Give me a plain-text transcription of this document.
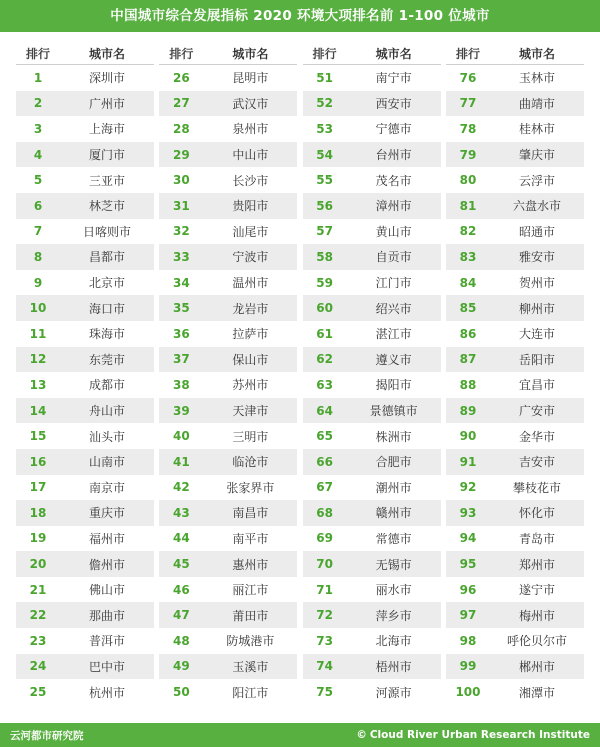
中国城市综合发展指标 2020 环境大项排名前 1-100 位城市
排行	城市名
1	深圳市
2	广州市
3	上海市
4	厦门市
5	三亚市
6	林芝市
7	日喀则市
8	昌都市
9	北京市
10	海口市
11	珠海市
12	东莞市
13	成都市
14	舟山市
15	汕头市
16	山南市
17	南京市
18	重庆市
19	福州市
20	儋州市
21	佛山市
22	那曲市
23	普洱市
24	巴中市
25	杭州市
排行	城市名
26	昆明市
27	武汉市
28	泉州市
29	中山市
30	长沙市
31	贵阳市
32	汕尾市
33	宁波市
34	温州市
35	龙岩市
36	拉萨市
37	保山市
38	苏州市
39	天津市
40	三明市
41	临沧市
42	张家界市
43	南昌市
44	南平市
45	惠州市
46	丽江市
47	莆田市
48	防城港市
49	玉溪市
50	阳江市
排行	城市名
51	南宁市
52	西安市
53	宁德市
54	台州市
55	茂名市
56	漳州市
57	黄山市
58	自贡市
59	江门市
60	绍兴市
61	湛江市
62	遵义市
63	揭阳市
64	景德镇市
65	株洲市
66	合肥市
67	潮州市
68	赣州市
69	常德市
70	无锡市
71	丽水市
72	萍乡市
73	北海市
74	梧州市
75	河源市
排行	城市名
76	玉林市
77	曲靖市
78	桂林市
79	肇庆市
80	云浮市
81	六盘水市
82	昭通市
83	雅安市
84	贺州市
85	柳州市
86	大连市
87	岳阳市
88	宜昌市
89	广安市
90	金华市
91	吉安市
92	攀枝花市
93	怀化市
94	青岛市
95	郑州市
96	遂宁市
97	梅州市
98	呼伦贝尔市
99	郴州市
100	湘潭市
云河都市研究院	© Cloud River Urban Research Institute
